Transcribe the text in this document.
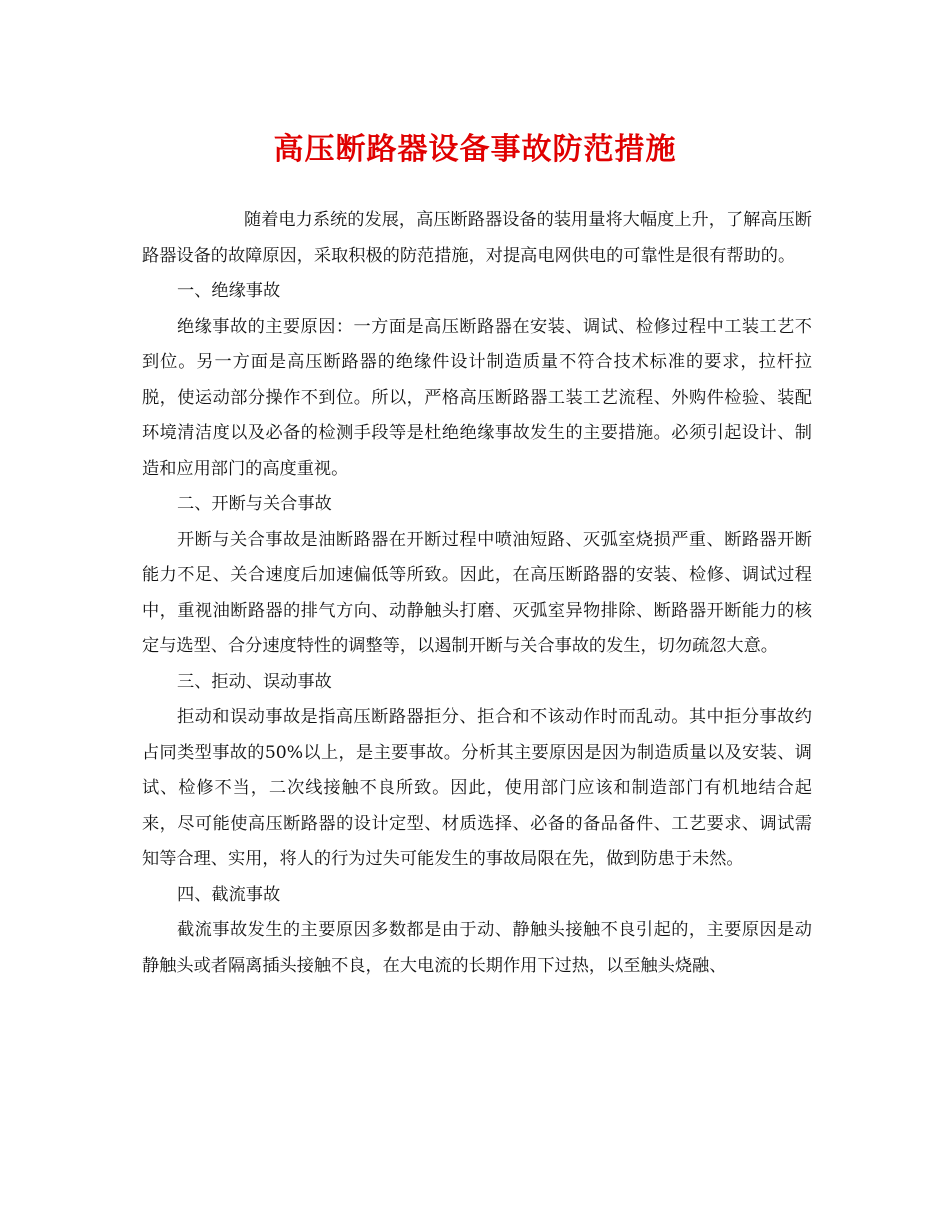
高压断路器设备事故防范措施

随着电力系统的发展，高压断路器设备的装用量将大幅度上升，了解高压断路器设备的故障原因，采取积极的防范措施，对提高电网供电的可靠性是很有帮助的。

一、绝缘事故

绝缘事故的主要原因：一方面是高压断路器在安装、调试、检修过程中工装工艺不到位。另一方面是高压断路器的绝缘件设计制造质量不符合技术标准的要求，拉杆拉脱，使运动部分操作不到位。所以，严格高压断路器工装工艺流程、外购件检验、装配环境清洁度以及必备的检测手段等是杜绝绝缘事故发生的主要措施。必须引起设计、制造和应用部门的高度重视。

二、开断与关合事故

开断与关合事故是油断路器在开断过程中喷油短路、灭弧室烧损严重、断路器开断能力不足、关合速度后加速偏低等所致。因此，在高压断路器的安装、检修、调试过程中，重视油断路器的排气方向、动静触头打磨、灭弧室异物排除、断路器开断能力的核定与选型、合分速度特性的调整等，以遏制开断与关合事故的发生，切勿疏忽大意。

三、拒动、误动事故

拒动和误动事故是指高压断路器拒分、拒合和不该动作时而乱动。其中拒分事故约占同类型事故的50%以上，是主要事故。分析其主要原因是因为制造质量以及安装、调试、检修不当，二次线接触不良所致。因此，使用部门应该和制造部门有机地结合起来，尽可能使高压断路器的设计定型、材质选择、必备的备品备件、工艺要求、调试需知等合理、实用，将人的行为过失可能发生的事故局限在先，做到防患于未然。

四、截流事故

截流事故发生的主要原因多数都是由于动、静触头接触不良引起的，主要原因是动静触头或者隔离插头接触不良，在大电流的长期作用下过热，以至触头烧融、
